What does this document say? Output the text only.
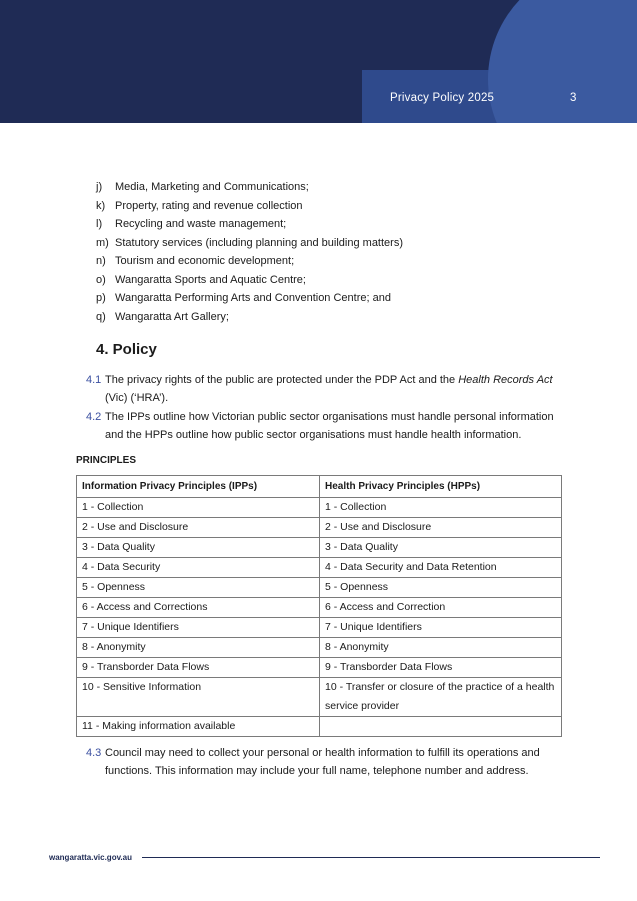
Privacy Policy 2025	3
j)	Media, Marketing and Communications;
k) Property, rating and revenue collection
l)	Recycling and waste management;
m) Statutory services (including planning and building matters)
n) Tourism and economic development;
o) Wangaratta Sports and Aquatic Centre;
p) Wangaratta Performing Arts and Convention Centre; and
q) Wangaratta Art Gallery;
4. Policy
4.1 The privacy rights of the public are protected under the PDP Act and the Health Records Act (Vic) (‘HRA’).
4.2 The IPPs outline how Victorian public sector organisations must handle personal information and the HPPs outline how public sector organisations must handle health information.
PRINCIPLES
Information Privacy Principles (IPPs)	Health Privacy Principles (HPPs)
1 - Collection	1 - Collection
2 - Use and Disclosure	2 - Use and Disclosure
3 - Data Quality	3 - Data Quality
4 - Data Security	4 - Data Security and Data Retention
5 - Openness	5 - Openness
6 - Access and Corrections	6 - Access and Correction
7 - Unique Identifiers	7 - Unique Identifiers
8 - Anonymity	8 - Anonymity
9 - Transborder Data Flows	9 - Transborder Data Flows
10 - Sensitive Information	10 - Transfer or closure of the practice of a health service provider
11 - Making information available	
4.3 Council may need to collect your personal or health information to fulfill its operations and functions. This information may include your full name, telephone number and address.
wangaratta.vic.gov.au
